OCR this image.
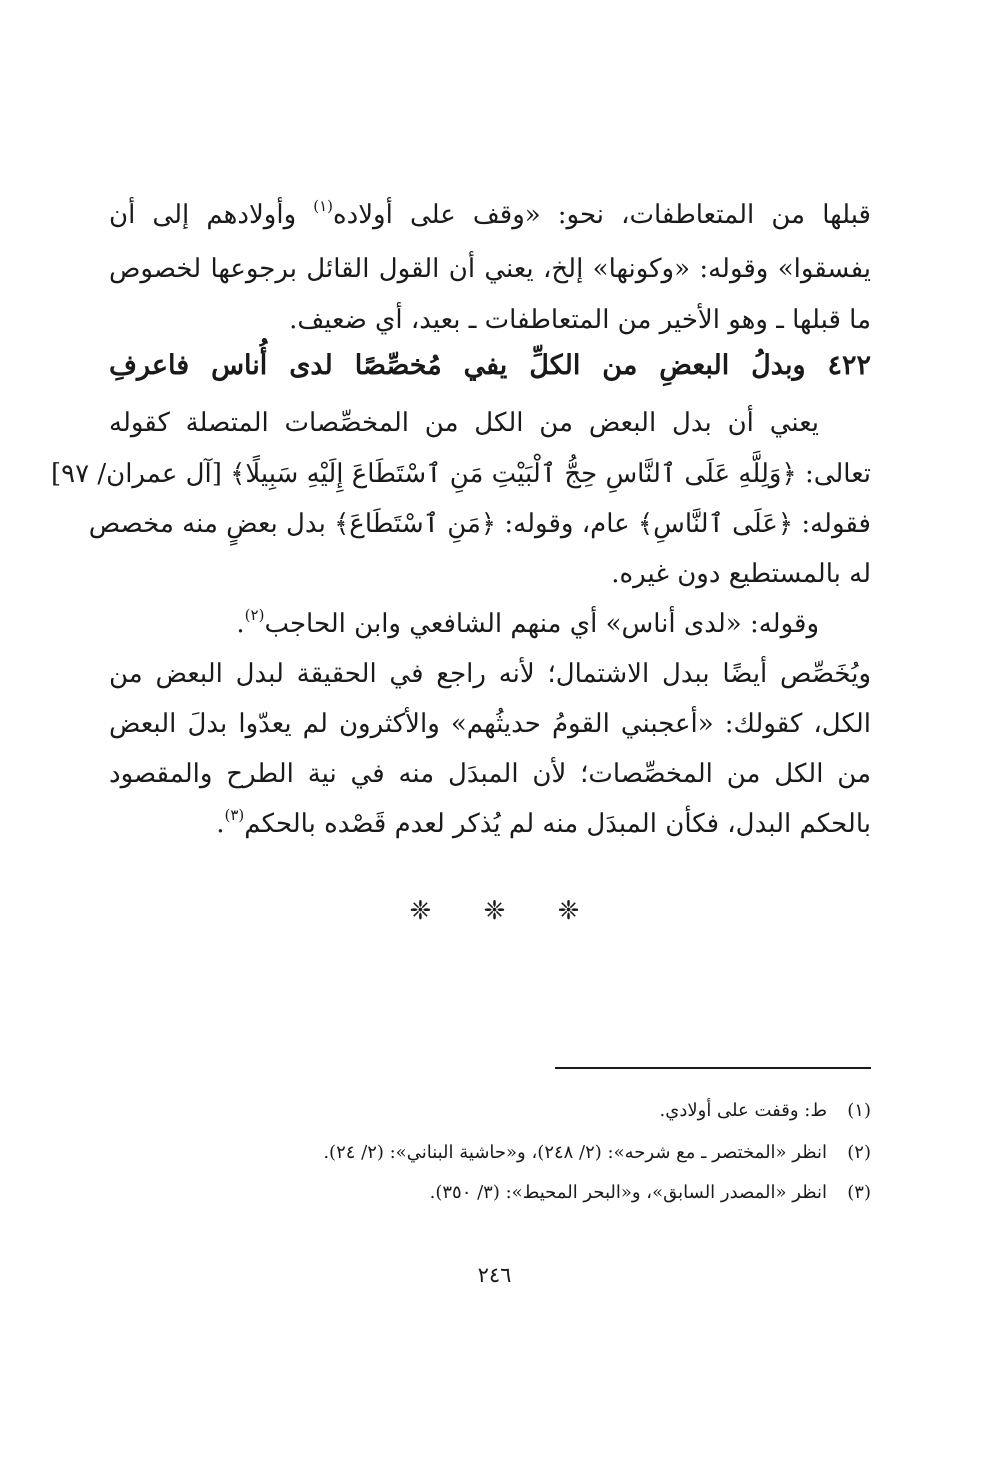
قبلها من المتعاطفات، نحو: «وقف على أولاده$^{(١)}$ وأولادهم إلى أن
يفسقوا» وقوله: «وكونها» إلخ، يعني أن القول القائل برجوعها لخصوص
ما قبلها ـ وهو الأخير من المتعاطفات ـ بعيد، أي ضعيف.
٤٢٢ وبدلُ البعضِ من الكلِّ يفي مُخصِّصًا لدى أُناس فاعرفِ
يعني أن بدل البعض من الكل من المخصِّصات المتصلة كقوله
تعالى: ﴿وَلِلَّهِ عَلَى ٱلنَّاسِ حِجُّ ٱلْبَيْتِ مَنِ ٱسْتَطَاعَ إِلَيْهِ سَبِيلًا﴾ [آل عمران/ ٩٧]
فقوله: ﴿عَلَى ٱلنَّاسِ﴾ عام، وقوله: ﴿مَنِ ٱسْتَطَاعَ﴾ بدل بعضٍ منه مخصص
له بالمستطيع دون غيره.
وقوله: «لدى أناس» أي منهم الشافعي وابن الحاجب$^{(٢)}$.
ويُخَصِّص أيضًا ببدل الاشتمال؛ لأنه راجع في الحقيقة لبدل البعض من
الكل، كقولك: «أعجبني القومُ حديثُهم» والأكثرون لم يعدّوا بدلَ البعض
من الكل من المخصِّصات؛ لأن المبدَل منه في نية الطرح والمقصود
بالحكم البدل، فكأن المبدَل منه لم يُذكر لعدم قَصْده بالحكم$^{(٣)}$.
❈ ❈ ❈
(١)ط: وقفت على أولادي.
(٢)انظر «المختصر ـ مع شرحه»: (٢/ ٢٤٨)، و«حاشية البناني»: (٢/ ٢٤).
(٣)انظر «المصدر السابق»، و«البحر المحيط»: (٣/ ٣٥٠).
٢٤٦
